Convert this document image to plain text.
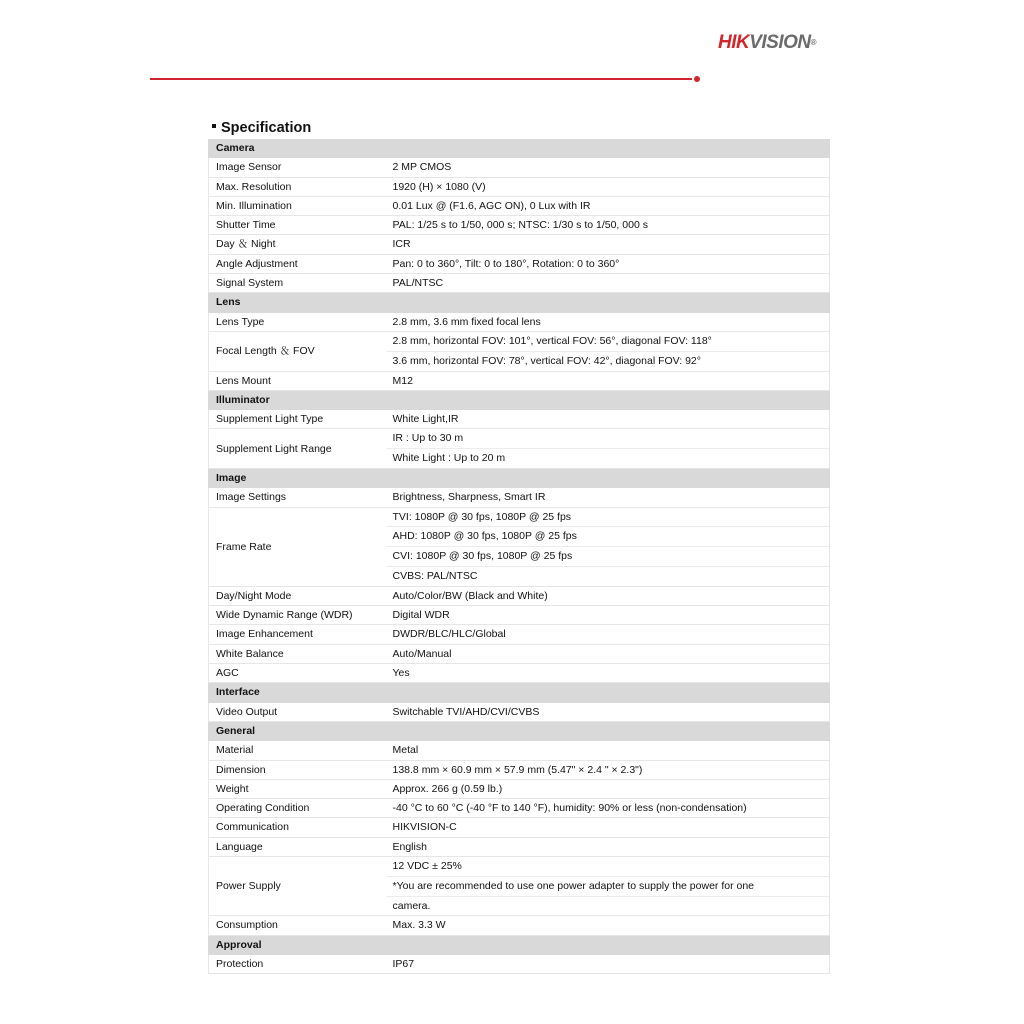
HIKVISION®
Specification
Camera	
Image Sensor	2 MP CMOS
Max. Resolution	1920 (H) × 1080 (V)
Min. Illumination	0.01 Lux @ (F1.6, AGC ON), 0 Lux with IR
Shutter Time	PAL: 1/25 s to 1/50, 000 s; NTSC: 1/30 s to 1/50, 000 s
Day ＆ Night	ICR
Angle Adjustment	Pan: 0 to 360°, Tilt: 0 to 180°, Rotation: 0 to 360°
Signal System	PAL/NTSC
Lens	
Lens Type	2.8 mm, 3.6 mm fixed focal lens
Focal Length ＆ FOV	2.8 mm, horizontal FOV: 101°, vertical FOV: 56°, diagonal FOV: 118°
3.6 mm, horizontal FOV: 78°, vertical FOV: 42°, diagonal FOV: 92°

Lens Mount	M12
Illuminator	
Supplement Light Type	White Light,IR
Supplement Light Range	IR : Up to 30 m
White Light : Up to 20 m

Image	
Image Settings	Brightness, Sharpness, Smart IR
Frame Rate	TVI: 1080P @ 30 fps, 1080P @ 25 fps
AHD: 1080P @ 30 fps, 1080P @ 25 fps
CVI: 1080P @ 30 fps, 1080P @ 25 fps
CVBS: PAL/NTSC

Day/Night Mode	Auto/Color/BW (Black and White)
Wide Dynamic Range (WDR)	Digital WDR
Image Enhancement	DWDR/BLC/HLC/Global
White Balance	Auto/Manual
AGC	Yes
Interface	
Video Output	Switchable TVI/AHD/CVI/CVBS
General	
Material	Metal
Dimension	138.8 mm × 60.9 mm × 57.9 mm (5.47" × 2.4 " × 2.3")
Weight	Approx. 266 g (0.59 lb.)
Operating Condition	-40 °C to 60 °C (-40 °F to 140 °F), humidity: 90% or less (non-condensation)
Communication	HIKVISION-C
Language	English
Power Supply	12 VDC ± 25%
*You are recommended to use one power adapter to supply the power for one
camera.

Consumption	Max. 3.3 W
Approval	
Protection	IP67
